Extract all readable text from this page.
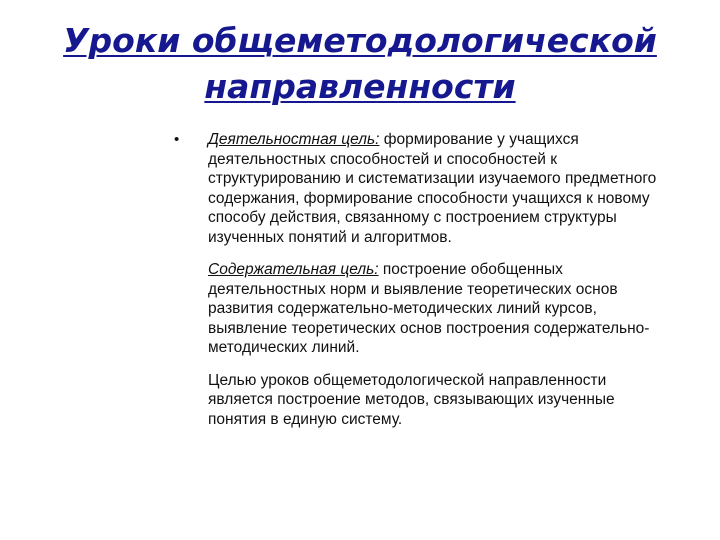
Уроки общеметодологической
направленности
• Деятельностная цель: формирование у учащихся деятельностных способностей и способностей к структурированию и систематизации изучаемого предметного содержания, формирование способности учащихся к новому способу действия, связанному с построением структуры изученных понятий и алгоритмов.
Содержательная цель: построение обобщенных деятельностных норм и выявление теоретических основ развития содержательно-методических линий курсов, выявление теоретических основ построения содержательно-методических линий.
Целью уроков общеметодологической направленности является построение методов, связывающих изученные понятия в единую систему.
